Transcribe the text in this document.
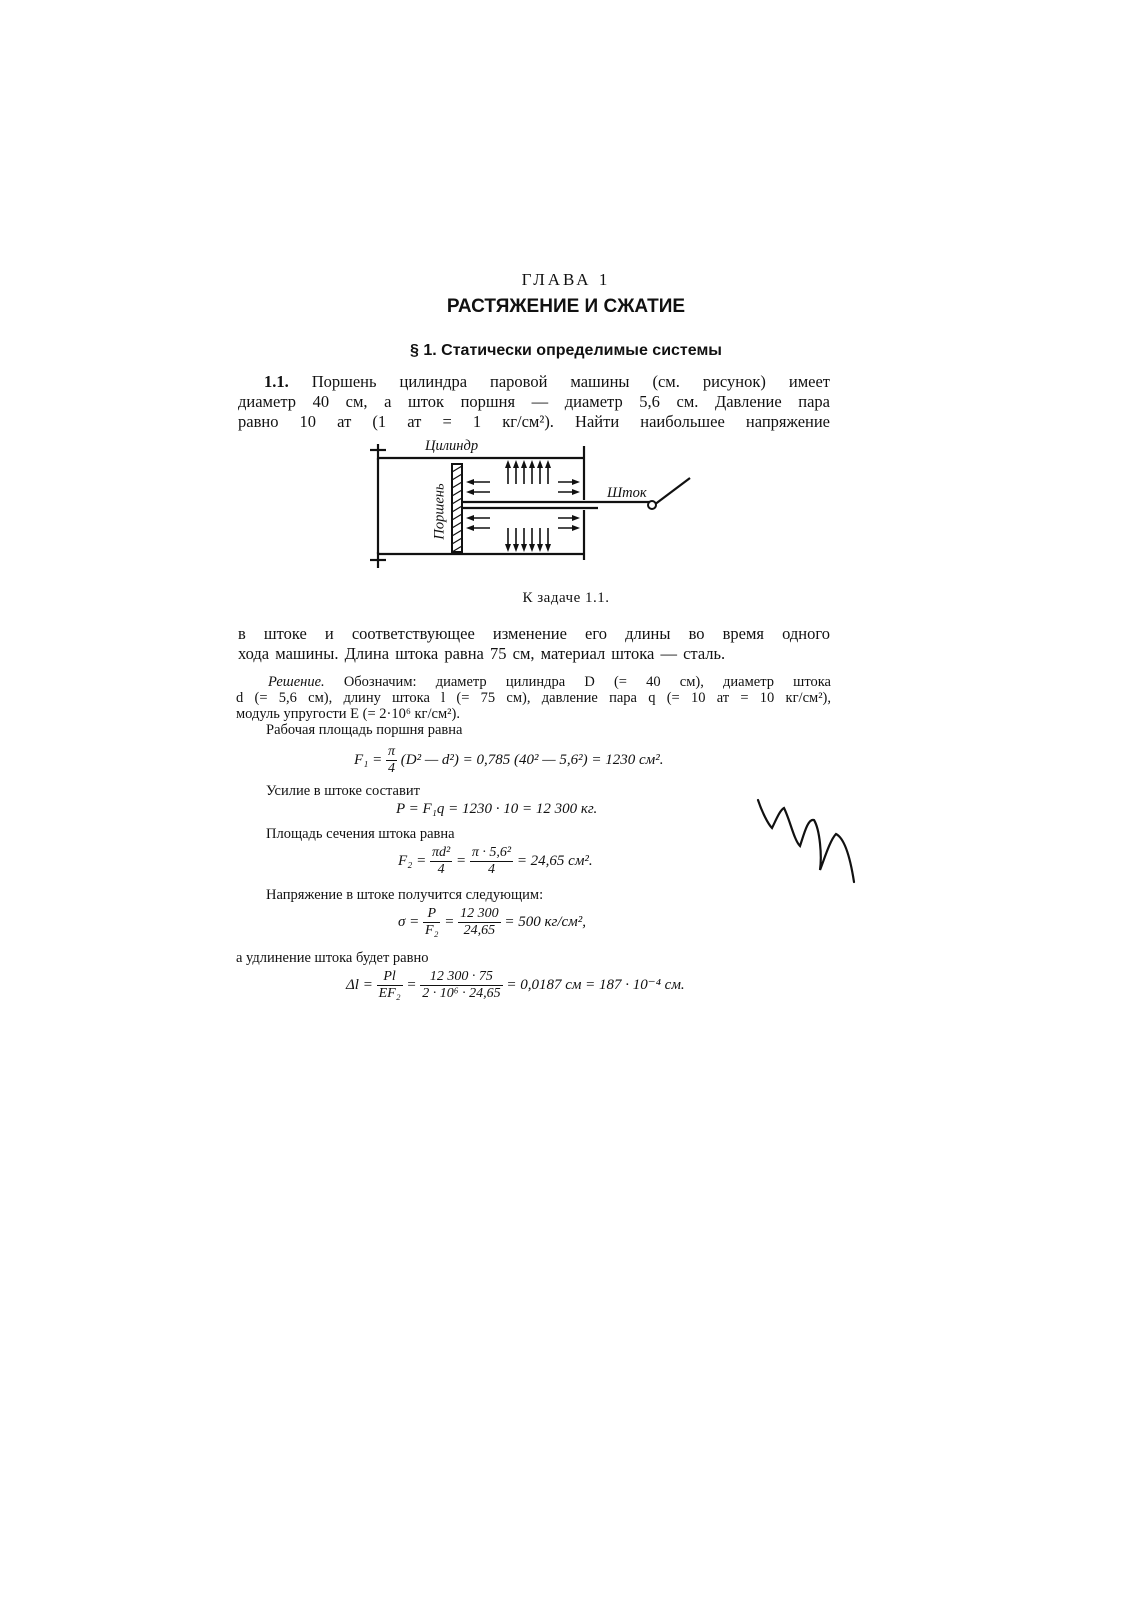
ГЛАВА 1
РАСТЯЖЕНИЕ И СЖАТИЕ
§ 1. Статически определимые системы
1.1. Поршень цилиндра паровой машины (см. рисунок) имеет
диаметр 40 см, а шток поршня — диаметр 5,6 см. Давление пара
равно 10 ат (1 ат = 1 кг/см²). Найти наибольшее напряжение
Цилиндр
Шток
Поршень
К задаче 1.1.
в штоке и соответствующее изменение его длины во время одного
хода машины. Длина штока равна 75 см, материал штока — сталь.
Решение. Обозначим: диаметр цилиндра D (= 40 см), диаметр штока
d (= 5,6 см), длину штока l (= 75 см), давление пара q (= 10 ат = 10 кг/см²),
модуль упругости E (= 2·10⁶ кг/см²).
Рабочая площадь поршня равна
$F_1 = \frac{\pi}{4} (D^2$ — d²) = 0,785 (40² — 5,6²) = 1230 см².
Усилие в штоке составит
P = F₁q = 1230 · 10 = 12 300 кг.
Площадь сечения штока равна
$F_2 = \frac{\text{πd²}}{4} = \frac{\text{π · 5,6²}}{4} = 24,65$ см².
Напряжение в штоке получится следующим:
$\sigma = \frac{P}{\text{F₂}} = \frac{12 300}{24,65} = 500$ кг/см²,
а удлинение штока будет равно
$\Delta l = \frac{Pl}{\text{EF₂}} = \frac{12 300 \cdot 75}{\text{2 · 10⁶ · 24,65}} = 0,0187$ см = 187 · 10⁻⁴ см.
